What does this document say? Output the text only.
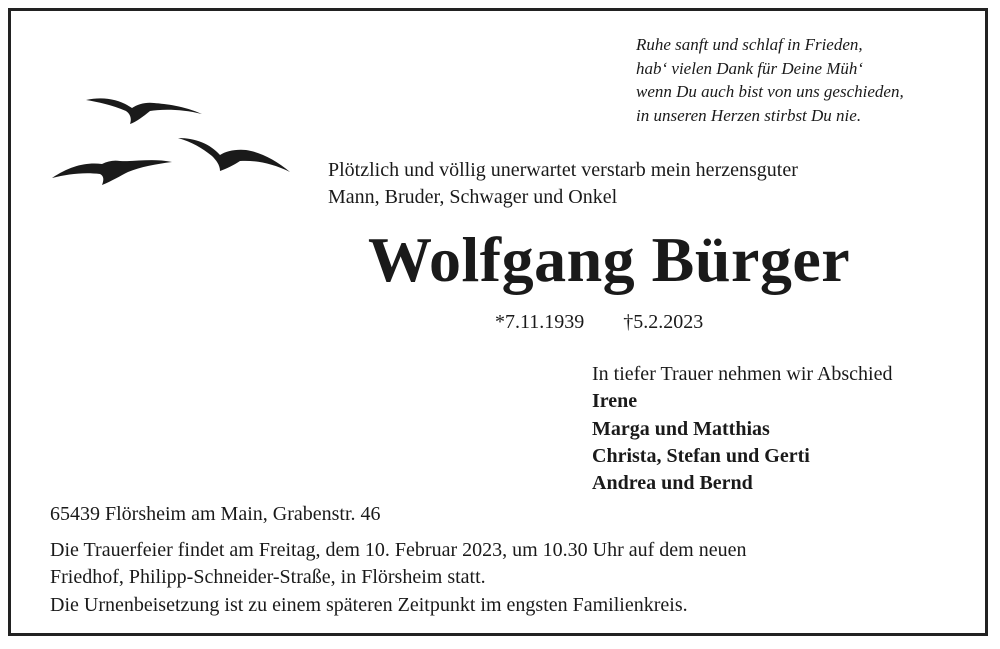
Ruhe sanft und schlaf in Frieden,
hab‘ vielen Dank für Deine Müh‘
wenn Du auch bist von uns geschieden,
in unseren Herzen stirbst Du nie.
Plötzlich und völlig unerwartet verstarb mein herzensguter
Mann, Bruder, Schwager und Onkel
Wolfgang Bürger
*7.11.1939 †5.2.2023
In tiefer Trauer nehmen wir Abschied
Irene
Marga und Matthias
Christa, Stefan und Gerti
Andrea und Bernd
65439 Flörsheim am Main, Grabenstr. 46
Die Trauerfeier findet am Freitag, dem 10. Februar 2023, um 10.30 Uhr auf dem neuen
Friedhof, Philipp-Schneider-Straße, in Flörsheim statt.
Die Urnenbeisetzung ist zu einem späteren Zeitpunkt im engsten Familienkreis.
